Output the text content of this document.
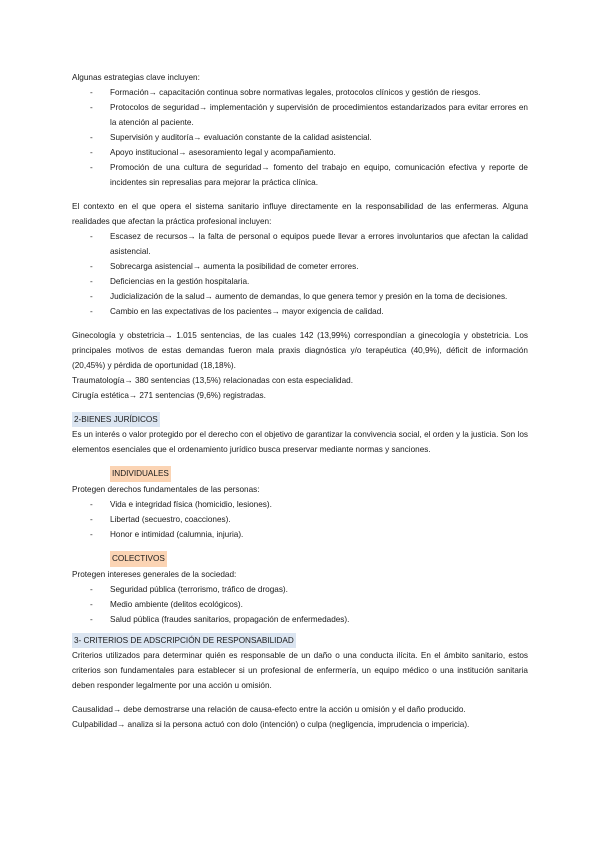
Algunas estrategias clave incluyen:

- Formación→ capacitación continua sobre normativas legales, protocolos clínicos y gestión de riesgos.
- Protocolos de seguridad→ implementación y supervisión de procedimientos estandarizados para evitar errores en la atención al paciente.
- Supervisión y auditoría→ evaluación constante de la calidad asistencial.
- Apoyo institucional→ asesoramiento legal y acompañamiento.
- Promoción de una cultura de seguridad→ fomento del trabajo en equipo, comunicación efectiva y reporte de incidentes sin represalias para mejorar la práctica clínica.

El contexto en el que opera el sistema sanitario influye directamente en la responsabilidad de las enfermeras. Alguna realidades que afectan la práctica profesional incluyen:

- Escasez de recursos→ la falta de personal o equipos puede llevar a errores involuntarios que afectan la calidad asistencial.
- Sobrecarga asistencial→ aumenta la posibilidad de cometer errores.
- Deficiencias en la gestión hospitalaria.
- Judicialización de la salud→ aumento de demandas, lo que genera temor y presión en la toma de decisiones.
- Cambio en las expectativas de los pacientes→ mayor exigencia de calidad.

Ginecología y obstetricia→ 1.015 sentencias, de las cuales 142 (13,99%) correspondían a ginecología y obstetricia. Los principales motivos de estas demandas fueron mala praxis diagnóstica y/o terapéutica (40,9%), déficit de información (20,45%) y pérdida de oportunidad (18,18%).

Traumatología→ 380 sentencias (13,5%) relacionadas con esta especialidad.

Cirugía estética→ 271 sentencias (9,6%) registradas.

2-BIENES JURÍDICOS

Es un interés o valor protegido por el derecho con el objetivo de garantizar la convivencia social, el orden y la justicia. Son los elementos esenciales que el ordenamiento jurídico busca preservar mediante normas y sanciones.

INDIVIDUALES

Protegen derechos fundamentales de las personas:

- Vida e integridad física (homicidio, lesiones).
- Libertad (secuestro, coacciones).
- Honor e intimidad (calumnia, injuria).

COLECTIVOS

Protegen intereses generales de la sociedad:

- Seguridad pública (terrorismo, tráfico de drogas).
- Medio ambiente (delitos ecológicos).
- Salud pública (fraudes sanitarios, propagación de enfermedades).

3- CRITERIOS DE ADSCRIPCIÓN DE RESPONSABILIDAD

Criterios utilizados para determinar quién es responsable de un daño o una conducta ilícita. En el ámbito sanitario, estos criterios son fundamentales para establecer si un profesional de enfermería, un equipo médico o una institución sanitaria deben responder legalmente por una acción u omisión.

Causalidad→ debe demostrarse una relación de causa-efecto entre la acción u omisión y el daño producido.

Culpabilidad→ analiza si la persona actuó con dolo (intención) o culpa (negligencia, imprudencia o impericia).
